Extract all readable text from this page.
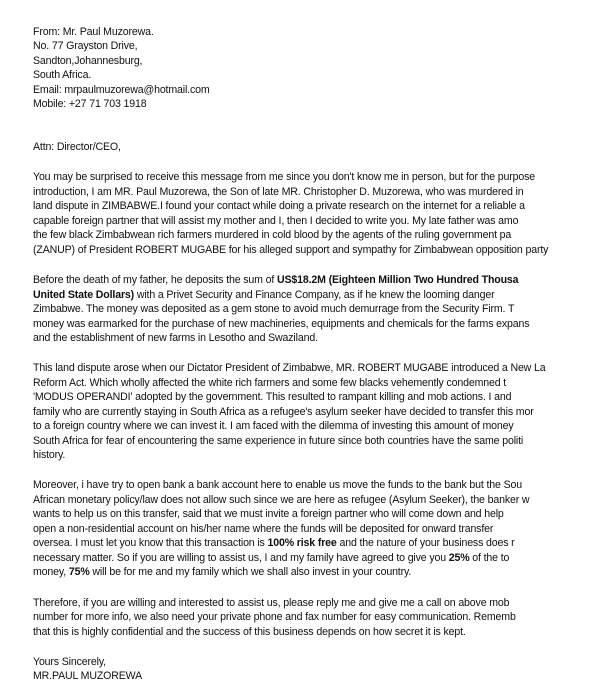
From: Mr. Paul Muzorewa.
No. 77 Grayston Drive,
Sandton,Johannesburg,
South Africa.
Email: mrpaulmuzorewa@hotmail.com
Mobile: +27 71 703 1918
Attn: Director/CEO,
You may be surprised to receive this message from me since you don't know me in person, but for the purpose
introduction, I am MR. Paul Muzorewa, the Son of late MR. Christopher D. Muzorewa, who was murdered in
land dispute in ZIMBABWE.I found your contact while doing a private research on the internet for a reliable a
capable foreign partner that will assist my mother and I, then I decided to write you. My late father was amo
the few black Zimbabwean rich farmers murdered in cold blood by the agents of the ruling government pa
(ZANUP) of President ROBERT MUGABE for his alleged support and sympathy for Zimbabwean opposition party
Before the death of my father, he deposits the sum of US$18.2M (Eighteen Million Two Hundred Thousa
United State Dollars) with a Privet Security and Finance Company, as if he knew the looming danger
Zimbabwe. The money was deposited as a gem stone to avoid much demurrage from the Security Firm. T
money was earmarked for the purchase of new machineries, equipments and chemicals for the farms expans
and the establishment of new farms in Lesotho and Swaziland.
This land dispute arose when our Dictator President of Zimbabwe, MR. ROBERT MUGABE introduced a New La
Reform Act. Which wholly affected the white rich farmers and some few blacks vehemently condemned t
'MODUS OPERANDI' adopted by the government. This resulted to rampant killing and mob actions. I and
family who are currently staying in South Africa as a refugee's asylum seeker have decided to transfer this mor
to a foreign country where we can invest it. I am faced with the dilemma of investing this amount of money
South Africa for fear of encountering the same experience in future since both countries have the same politi
history.
Moreover, i have try to open bank a bank account here to enable us move the funds to the bank but the Sou
African monetary policy/law does not allow such since we are here as refugee (Asylum Seeker), the banker w
wants to help us on this transfer, said that we must invite a foreign partner who will come down and help
open a non-residential account on his/her name where the funds will be deposited for onward transfer
oversea. I must let you know that this transaction is 100% risk free and the nature of your business does r
necessary matter. So if you are willing to assist us, I and my family have agreed to give you 25% of the to
money, 75% will be for me and my family which we shall also invest in your country.
Therefore, if you are willing and interested to assist us, please reply me and give me a call on above mob
number for more info, we also need your private phone and fax number for easy communication. Rememb
that this is highly confidential and the success of this business depends on how secret it is kept.
Yours Sincerely,
MR.PAUL MUZOREWA
